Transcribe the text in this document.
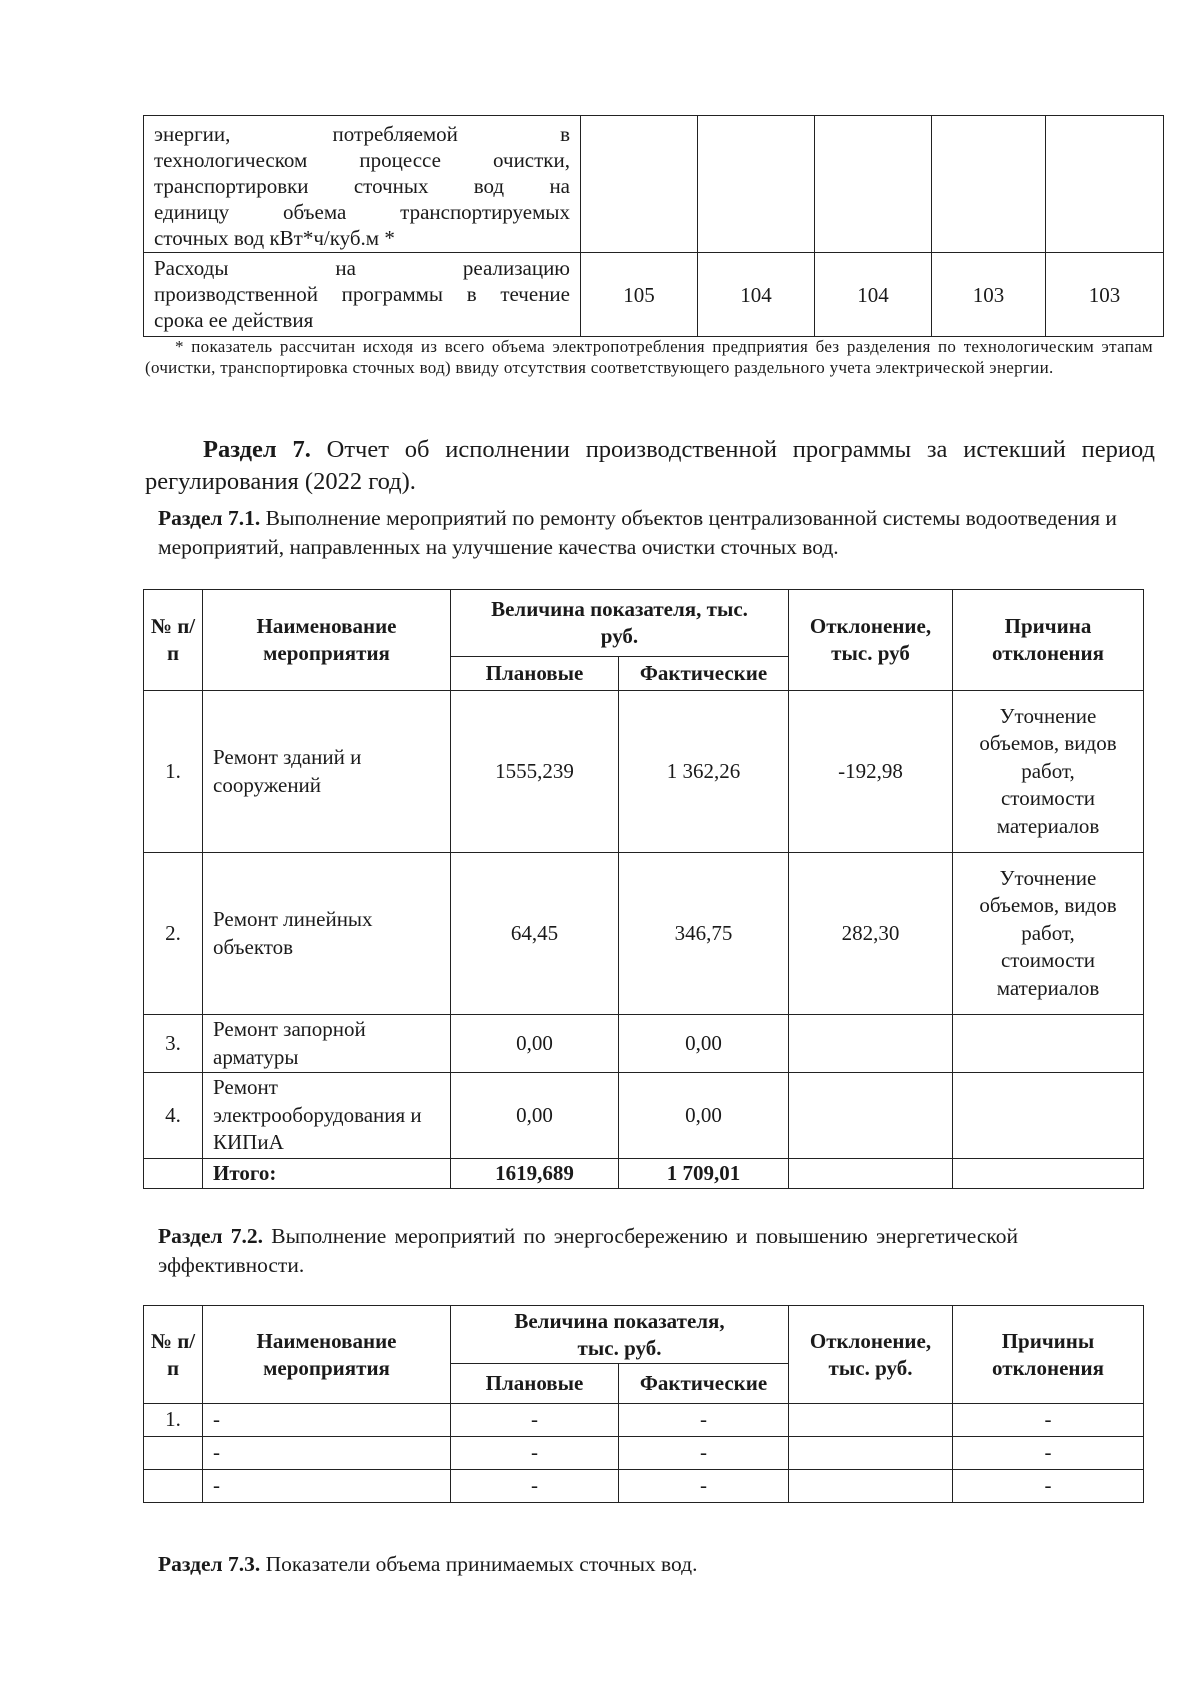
энергии, потребляемой в
технологическом процессе очистки,
транспортировки сточных вод на
единицу объема транспортируемых
сточных вод кВт*ч/куб.м *					

Расходы на реализацию
производственной программы в течение
срока ее действия	105	104	104	103	103
* показатель рассчитан исходя из всего объема электропотребления предприятия без разделения по технологическим этапам (очистки, транспортировка сточных вод) ввиду отсутствия соответствующего раздельного учета электрической энергии.
Раздел 7. Отчет об исполнении производственной программы за истекший период регулирования (2022 год).
Раздел 7.1. Выполнение мероприятий по ремонту объектов централизованной системы водоотведения и мероприятий, направленных на улучшение качества очистки сточных вод.
№ п/п	Наименование мероприятия	Величина показателя, тыс. руб.		Отклонение, тыс. руб	Причина отклонения
		Плановые	Фактические		
1.	Ремонт зданий и сооружений	1555,239	1 362,26	-192,98	Уточнение объемов, видов работ, стоимости материалов
2.	Ремонт линейных объектов	64,45	346,75	282,30	Уточнение объемов, видов работ, стоимости материалов
3.	Ремонт запорной арматуры	0,00	0,00		
4.	Ремонт электрооборудования и КИПиА	0,00	0,00		
	Итого:	1619,689	1 709,01		
Раздел 7.2. Выполнение мероприятий по энергосбережению и повышению энергетической эффективности.
№ п/п	Наименование мероприятия	Величина показателя, тыс. руб.		Отклонение, тыс. руб.	Причины отклонения
		Плановые	Фактические		
1.	-	-	-		-
	-	-	-		-
	-	-	-		-
Раздел 7.3. Показатели объема принимаемых сточных вод.
